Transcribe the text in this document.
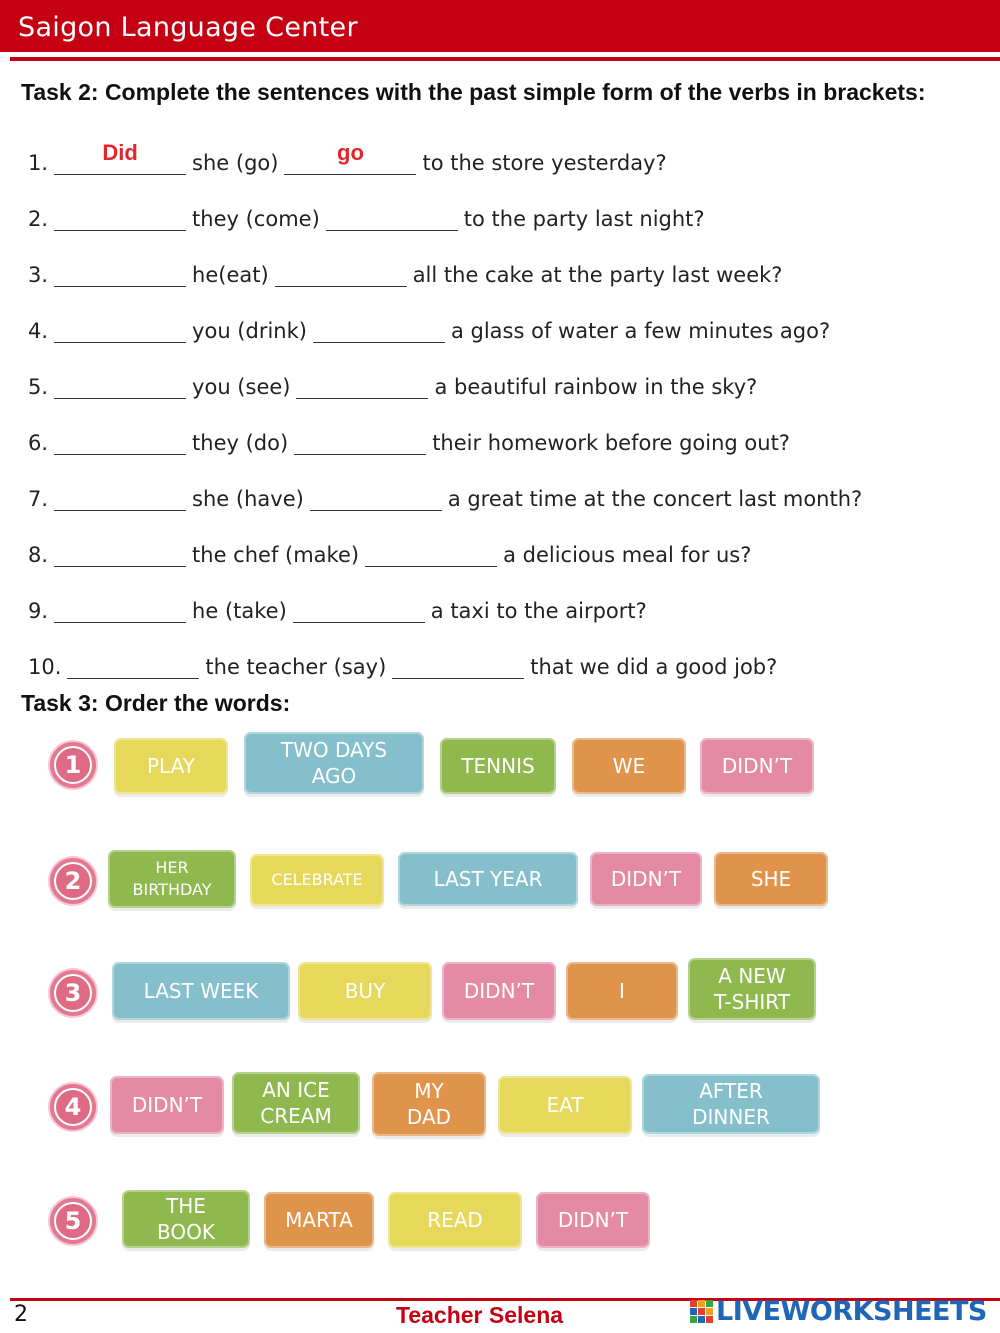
Saigon Language Center
Task 2: Complete the sentences with the past simple form of the verbs in brackets:
1.	Did	she (go)	go	to the store yesterday?
2.	they (come)	to the party last night?
3.	he(eat)	all the cake at the party last week?
4.	you (drink)	a glass of water a few minutes ago?
5.	you (see)	a beautiful rainbow in the sky?
6.	they (do)	their homework before going out?
7.	she (have)	a great time at the concert last month?
8.	the chef (make)	a delicious meal for us?
9.	he (take)	a taxi to the airport?
10.	the teacher (say)	that we did a good job?
Task 3: Order the words:
1	PLAY
TWO DAYS
AGO	TENNIS	WE	DIDN’T
2	HER
BIRTHDAY
CELEBRATE	LAST YEAR	DIDN’T	SHE
3	LAST WEEK	BUY	DIDN’T	I
A NEW
T-SHIRT
4	DIDN’T
AN ICE
CREAM
MY
DAD	EAT
AFTER
DINNER
5
THE
BOOK	MARTA	READ	DIDN’T
2	Teacher Selena	LIVEWORKSHEETS
